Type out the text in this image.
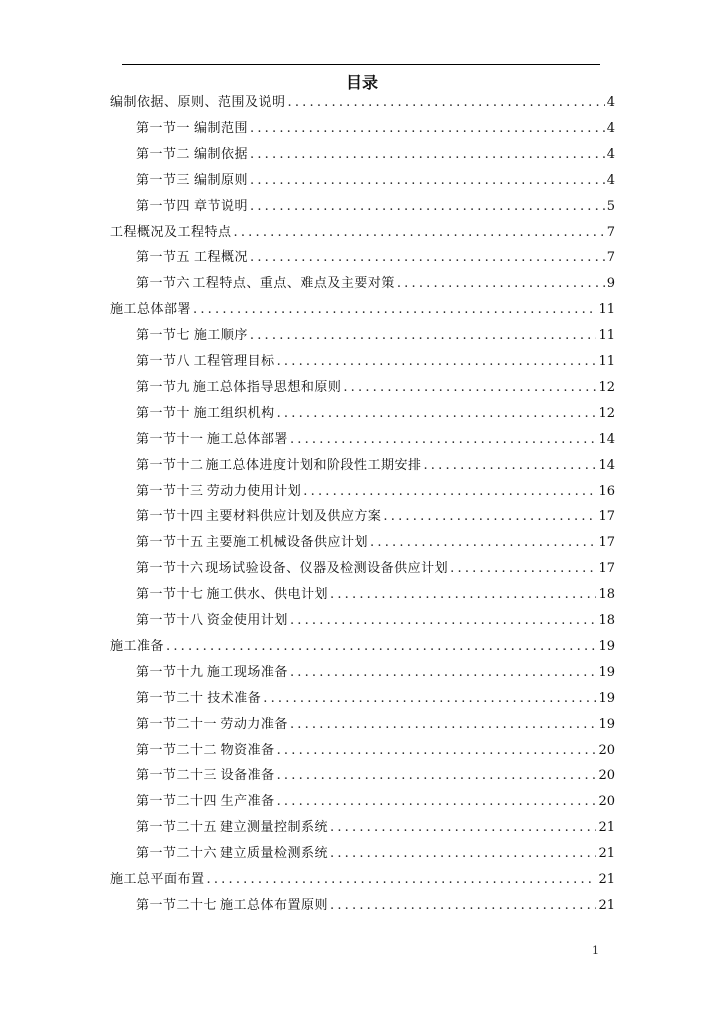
目录
编制依据、原则、范围及说明 .....	4
第一节一 编制范围 .....	4
第一节二 编制依据 .....	4
第一节三 编制原则 .....	4
第一节四 章节说明 .....	5
工程概况及工程特点 .....	7
第一节五 工程概况 .....	7
第一节六 工程特点、重点、难点及主要对策 .....	9
施工总体部署 .....	11
第一节七 施工顺序 .....	11
第一节八 工程管理目标 .....	11
第一节九 施工总体指导思想和原则 .....	12
第一节十 施工组织机构 .....	12
第一节十一 施工总体部署 .....	14
第一节十二 施工总体进度计划和阶段性工期安排 .....	14
第一节十三 劳动力使用计划 .....	16
第一节十四 主要材料供应计划及供应方案 .....	17
第一节十五 主要施工机械设备供应计划 .....	17
第一节十六 现场试验设备、仪器及检测设备供应计划 .....	17
第一节十七 施工供水、供电计划 .....	18
第一节十八 资金使用计划 .....	18
施工准备 .....	19
第一节十九 施工现场准备 .....	19
第一节二十 技术准备 .....	19
第一节二十一 劳动力准备 .....	19
第一节二十二 物资准备 .....	20
第一节二十三 设备准备 .....	20
第一节二十四 生产准备 .....	20
第一节二十五 建立测量控制系统 .....	21
第一节二十六 建立质量检测系统 .....	21
施工总平面布置 .....	21
第一节二十七 施工总体布置原则 .....	21
1
